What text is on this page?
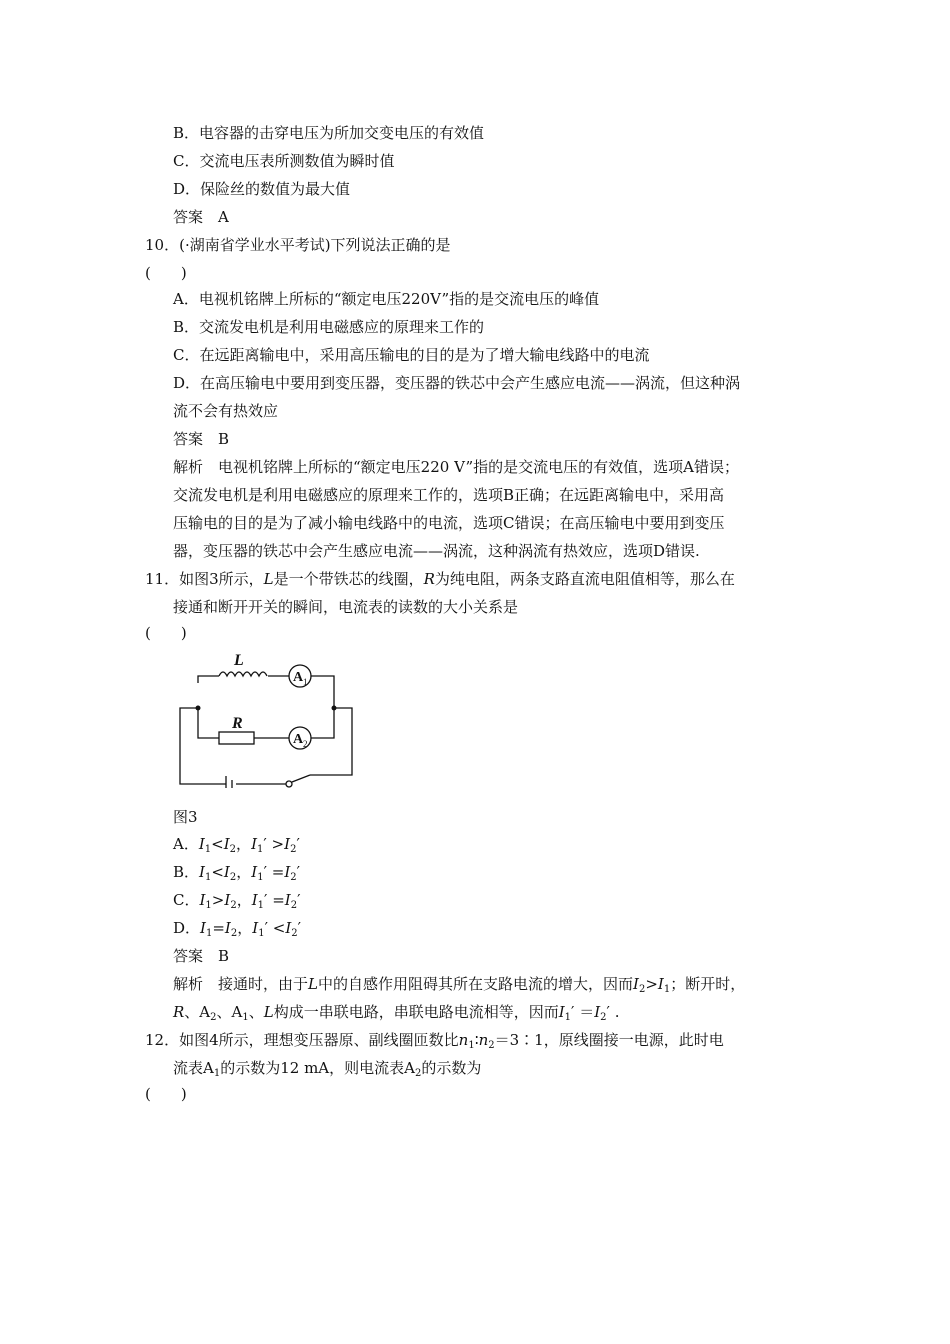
B．电容器的击穿电压为所加交变电压的有效值
C．交流电压表所测数值为瞬时值
D．保险丝的数值为最大值
答案　A
10．(·湖南省学业水平考试)下列说法正确的是
(　　)
A．电视机铭牌上所标的“额定电压220V”指的是交流电压的峰值
B．交流发电机是利用电磁感应的原理来工作的
C．在远距离输电中，采用高压输电的目的是为了增大输电线路中的电流
D．在高压输电中要用到变压器，变压器的铁芯中会产生感应电流——涡流，但这种涡
流不会有热效应
答案　B
解析　电视机铭牌上所标的“额定电压220 V”指的是交流电压的有效值，选项A错误；
交流发电机是利用电磁感应的原理来工作的，选项B正确；在远距离输电中，采用高
压输电的目的是为了减小输电线路中的电流，选项C错误；在高压输电中要用到变压
器，变压器的铁芯中会产生感应电流——涡流，这种涡流有热效应，选项D错误.
11．如图3所示，L是一个带铁芯的线圈，R为纯电阻，两条支路直流电阻值相等，那么在
接通和断开开关的瞬间，电流表的读数的大小关系是
(　　)
L
R
A 1
A 2
图3
A．$I_1<I_2$，$I_1' >I_2'$
B．$I_1<I_2$，$I_1' =I_2'$
C．$I_1>I_2$，$I_1' =I_2'$
D．$I_1=I_2$，$I_1' <I_2'$
答案　B
解析　接通时，由于L中的自感作用阻碍其所在支路电流的增大，因而$I_2>I_1$；断开时，
R、$A_2$、$A_1$、L构成一串联电路，串联电路电流相等，因而$I_1' =I_2'$ .
12．如图4所示，理想变压器原、副线圈匝数比$n_1∶n_2=3∶1$，原线圈接一电源，此时电
流表$A_1$的示数为12 mA，则电流表$A_2$的示数为
(　　)
